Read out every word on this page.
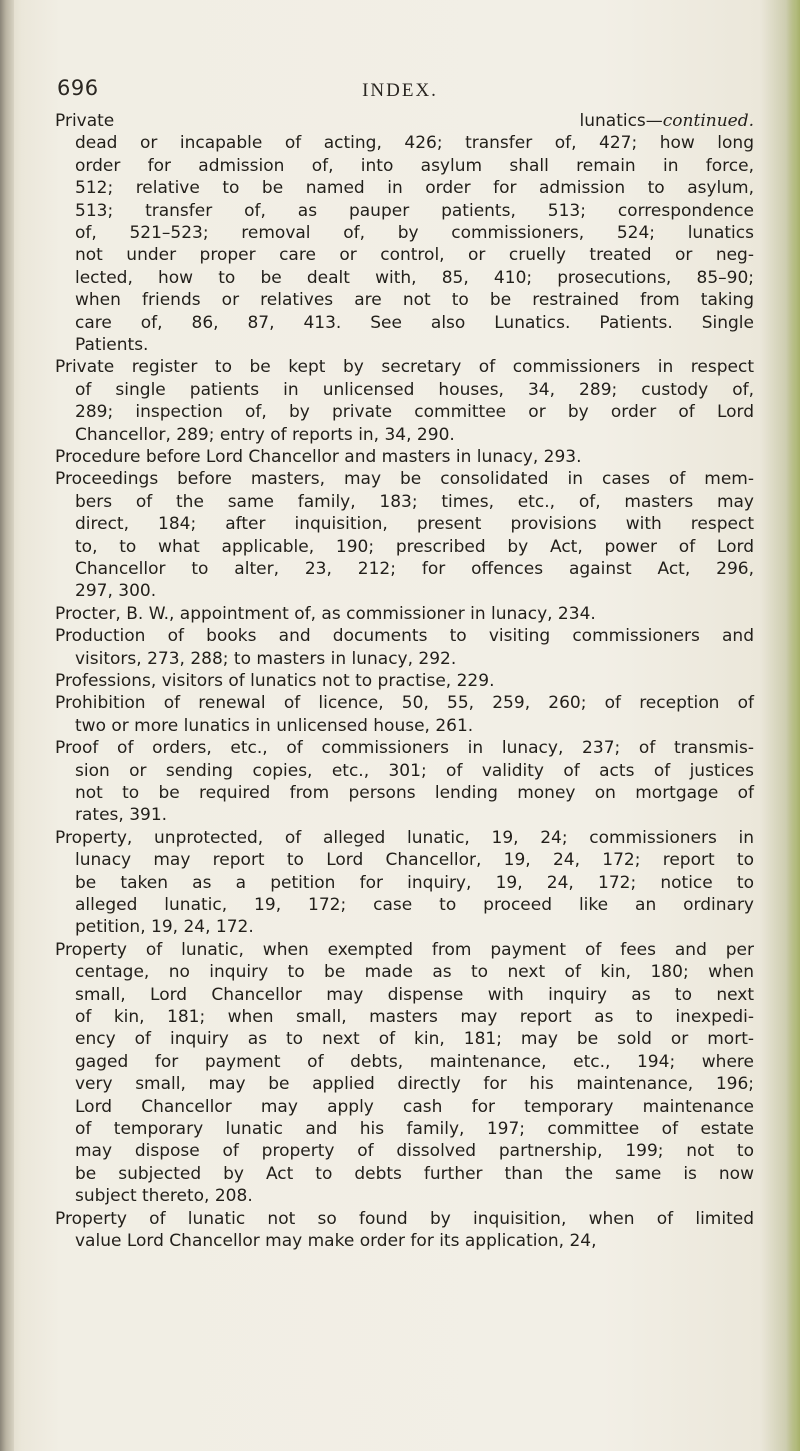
696	INDEX.
Private lunatics—continued.
dead or incapable of acting, 426; transfer of, 427; how long
order for admission of, into asylum shall remain in force,
512; relative to be named in order for admission to asylum,
513; transfer of, as pauper patients, 513; correspondence
of, 521–523; removal of, by commissioners, 524; lunatics
not under proper care or control, or cruelly treated or neg-
lected, how to be dealt with, 85, 410; prosecutions, 85–90;
when friends or relatives are not to be restrained from taking
care of, 86, 87, 413. See also Lunatics. Patients. Single
Patients.
Private register to be kept by secretary of commissioners in respect
of single patients in unlicensed houses, 34, 289; custody of,
289; inspection of, by private committee or by order of Lord
Chancellor, 289; entry of reports in, 34, 290.
Procedure before Lord Chancellor and masters in lunacy, 293.
Proceedings before masters, may be consolidated in cases of mem-
bers of the same family, 183; times, etc., of, masters may
direct, 184; after inquisition, present provisions with respect
to, to what applicable, 190; prescribed by Act, power of Lord
Chancellor to alter, 23, 212; for offences against Act, 296,
297, 300.
Procter, B. W., appointment of, as commissioner in lunacy, 234.
Production of books and documents to visiting commissioners and
visitors, 273, 288; to masters in lunacy, 292.
Professions, visitors of lunatics not to practise, 229.
Prohibition of renewal of licence, 50, 55, 259, 260; of reception of
two or more lunatics in unlicensed house, 261.
Proof of orders, etc., of commissioners in lunacy, 237; of transmis-
sion or sending copies, etc., 301; of validity of acts of justices
not to be required from persons lending money on mortgage of
rates, 391.
Property, unprotected, of alleged lunatic, 19, 24; commissioners in
lunacy may report to Lord Chancellor, 19, 24, 172; report to
be taken as a petition for inquiry, 19, 24, 172; notice to
alleged lunatic, 19, 172; case to proceed like an ordinary
petition, 19, 24, 172.
Property of lunatic, when exempted from payment of fees and per
centage, no inquiry to be made as to next of kin, 180; when
small, Lord Chancellor may dispense with inquiry as to next
of kin, 181; when small, masters may report as to inexpedi-
ency of inquiry as to next of kin, 181; may be sold or mort-
gaged for payment of debts, maintenance, etc., 194; where
very small, may be applied directly for his maintenance, 196;
Lord Chancellor may apply cash for temporary maintenance
of temporary lunatic and his family, 197; committee of estate
may dispose of property of dissolved partnership, 199; not to
be subjected by Act to debts further than the same is now
subject thereto, 208.
Property of lunatic not so found by inquisition, when of limited
value Lord Chancellor may make order for its application, 24,
